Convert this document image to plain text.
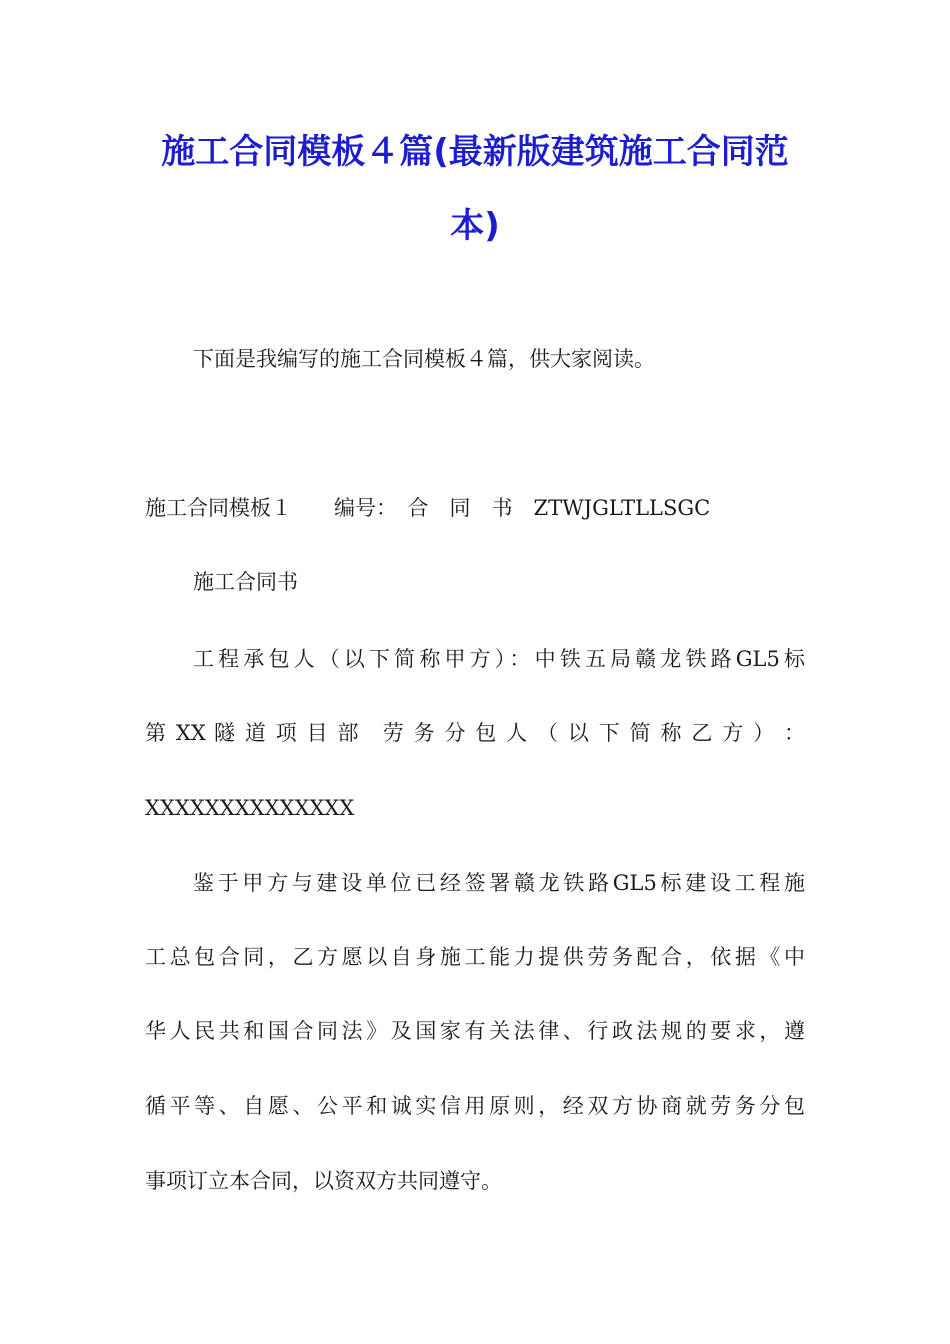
施工合同模板４篇(最新版建筑施工合同范
本)
下面是我编写的施工合同模板４篇，供大家阅读。
施工合同模板１　　编号：　合　同　书　ZTWJGLTLLSGC
施工合同书
工程承包人（以下简称甲方）：中铁五局赣龙铁路GL5标
第 XX 隧 道 项 目 部　劳 务 分 包 人 （ 以 下 简 称 乙 方 ） ：
XXXXXXXXXXXXXX
鉴于甲方与建设单位已经签署赣龙铁路GL5标建设工程施
工总包合同，乙方愿以自身施工能力提供劳务配合，依据《中
华人民共和国合同法》及国家有关法律、行政法规的要求，遵
循平等、自愿、公平和诚实信用原则，经双方协商就劳务分包
事项订立本合同，以资双方共同遵守。
